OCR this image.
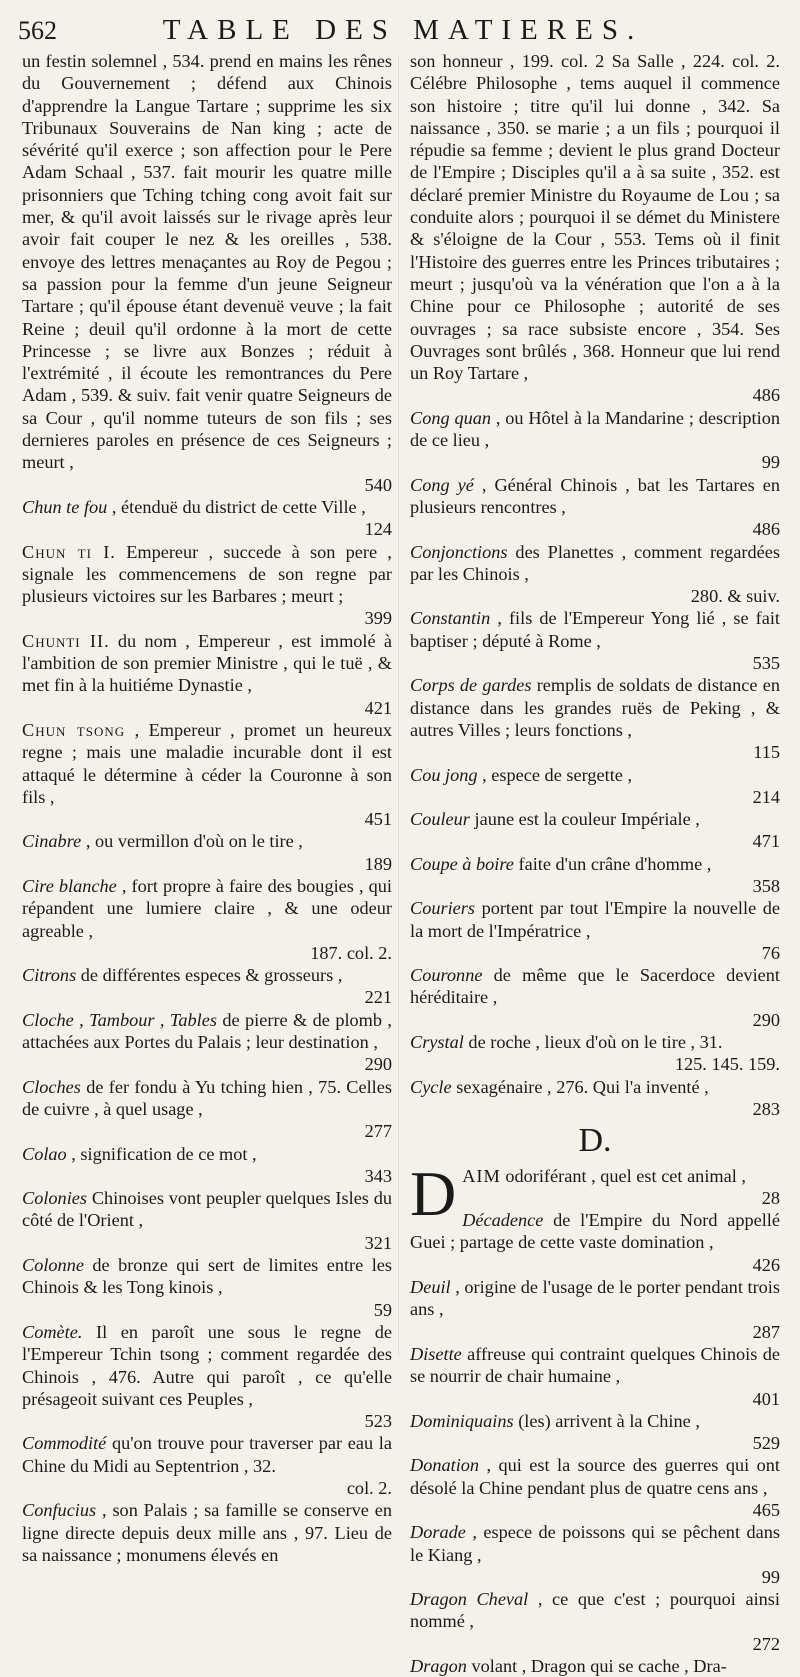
562	TABLE DES MATIERES.

un festin solemnel , 534. prend en mains les rênes du Gouvernement ; défend aux Chinois d'apprendre la Langue Tartare ; supprime les six Tribunaux Souverains de Nan king ; acte de sévérité qu'il exerce ; son affection pour le Pere Adam Schaal , 537. fait mourir les quatre mille prisonniers que Tching tching cong avoit fait sur mer, & qu'il avoit laissés sur le rivage après leur avoir fait couper le nez & les oreilles , 538. envoye des lettres menaçantes au Roy de Pegou ; sa passion pour la femme d'un jeune Seigneur Tartare ; qu'il épouse étant devenuë veuve ; la fait Reine ; deuil qu'il ordonne à la mort de cette Princesse ; se livre aux Bonzes ; réduit à l'extrémité , il écoute les remontrances du Pere Adam , 539. & suiv. fait venir quatre Seigneurs de sa Cour , qu'il nomme tuteurs de son fils ; ses dernieres paroles en présence de ces Seigneurs ; meurt ,
540

Chun te fou , étenduë du district de cette Ville ,
124

Chun ti I. Empereur , succede à son pere , signale les commencemens de son regne par plusieurs victoires sur les Barbares ; meurt ;
399

Chunti II. du nom , Empereur , est immolé à l'ambition de son premier Ministre , qui le tuë , & met fin à la huitiéme Dynastie ,
421

Chun tsong , Empereur , promet un heureux regne ; mais une maladie incurable dont il est attaqué le détermine à céder la Couronne à son fils ,
451

Cinabre , ou vermillon d'où on le tire ,
189

Cire blanche , fort propre à faire des bougies , qui répandent une lumiere claire , & une odeur agreable ,
187. col. 2.

Citrons de différentes especes & grosseurs ,
221

Cloche , Tambour , Tables de pierre & de plomb , attachées aux Portes du Palais ; leur destination ,
290

Cloches de fer fondu à Yu tching hien , 75. Celles de cuivre , à quel usage ,
277

Colao , signification de ce mot ,
343

Colonies Chinoises vont peupler quelques Isles du côté de l'Orient ,
321

Colonne de bronze qui sert de limites entre les Chinois & les Tong kinois ,
59

Comète. Il en paroît une sous le regne de l'Empereur Tchin tsong ; comment regardée des Chinois , 476. Autre qui paroît , ce qu'elle présageoit suivant ces Peuples ,
523

Commodité qu'on trouve pour traverser par eau la Chine du Midi au Septentrion , 32.
col. 2.

Confucius , son Palais ; sa famille se conserve en ligne directe depuis deux mille ans , 97. Lieu de sa naissance ; monumens élevés en

son honneur , 199. col. 2 Sa Salle , 224. col. 2. Célébre Philosophe , tems auquel il commence son histoire ; titre qu'il lui donne , 342. Sa naissance , 350. se marie ; a un fils ; pourquoi il répudie sa femme ; devient le plus grand Docteur de l'Empire ; Disciples qu'il a à sa suite , 352. est déclaré premier Ministre du Royaume de Lou ; sa conduite alors ; pourquoi il se démet du Ministere & s'éloigne de la Cour , 553. Tems où il finit l'Histoire des guerres entre les Princes tributaires ; meurt ; jusqu'où va la vénération que l'on a à la Chine pour ce Philosophe ; autorité de ses ouvrages ; sa race subsiste encore , 354. Ses Ouvrages sont brûlés , 368. Honneur que lui rend un Roy Tartare ,
486

Cong quan , ou Hôtel à la Mandarine ; description de ce lieu ,
99

Cong yé , Général Chinois , bat les Tartares en plusieurs rencontres ,
486

Conjonctions des Planettes , comment regardées par les Chinois ,
280. & suiv.

Constantin , fils de l'Empereur Yong lié , se fait baptiser ; député à Rome ,
535

Corps de gardes remplis de soldats de distance en distance dans les grandes ruës de Peking , & autres Villes ; leurs fonctions ,
115

Cou jong , espece de sergette ,
214

Couleur jaune est la couleur Impériale ,
471

Coupe à boire faite d'un crâne d'homme ,
358

Couriers portent par tout l'Empire la nouvelle de la mort de l'Impératrice ,
76

Couronne de même que le Sacerdoce devient héréditaire ,
290

Crystal de roche , lieux d'où on le tire , 31.
125. 145. 159.

Cycle sexagénaire , 276. Qui l'a inventé ,
283

D.

DAIM odoriférant , quel est cet animal ,
28

Décadence de l'Empire du Nord appellé Guei ; partage de cette vaste domination ,
426

Deuil , origine de l'usage de le porter pendant trois ans ,
287

Disette affreuse qui contraint quelques Chinois de se nourrir de chair humaine ,
401

Dominiquains (les) arrivent à la Chine ,
529

Donation , qui est la source des guerres qui ont désolé la Chine pendant plus de quatre cens ans ,
465

Dorade , espece de poissons qui se pêchent dans le Kiang ,
99

Dragon Cheval , ce que c'est ; pourquoi ainsi nommé ,
272

Dragon volant , Dragon qui se cache , Dra-
